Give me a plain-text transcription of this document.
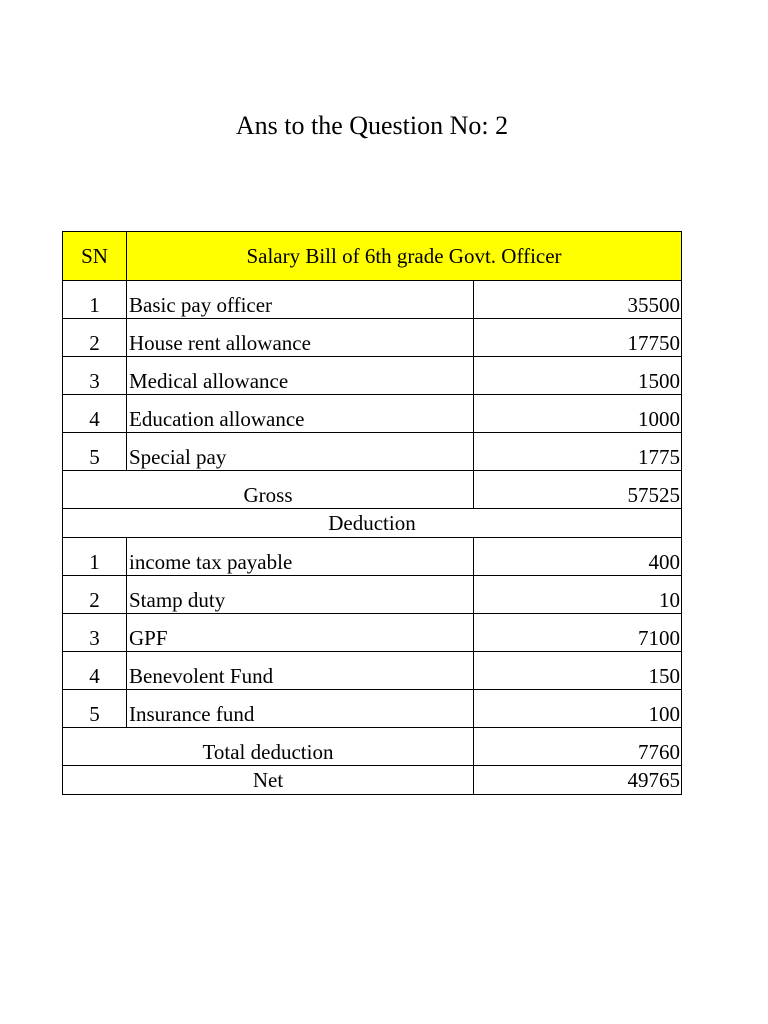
Ans to the Question No: 2
SN	Salary Bill of 6th grade Govt. Officer	
1	Basic pay officer	35500
2	House rent allowance	17750
3	Medical allowance	1500
4	Education allowance	1000
5	Special pay	1775
Gross		57525
Deduction		
1	income tax payable	400
2	Stamp duty	10
3	GPF	7100
4	Benevolent Fund	150
5	Insurance fund	100
Total deduction		7760
Net		49765
